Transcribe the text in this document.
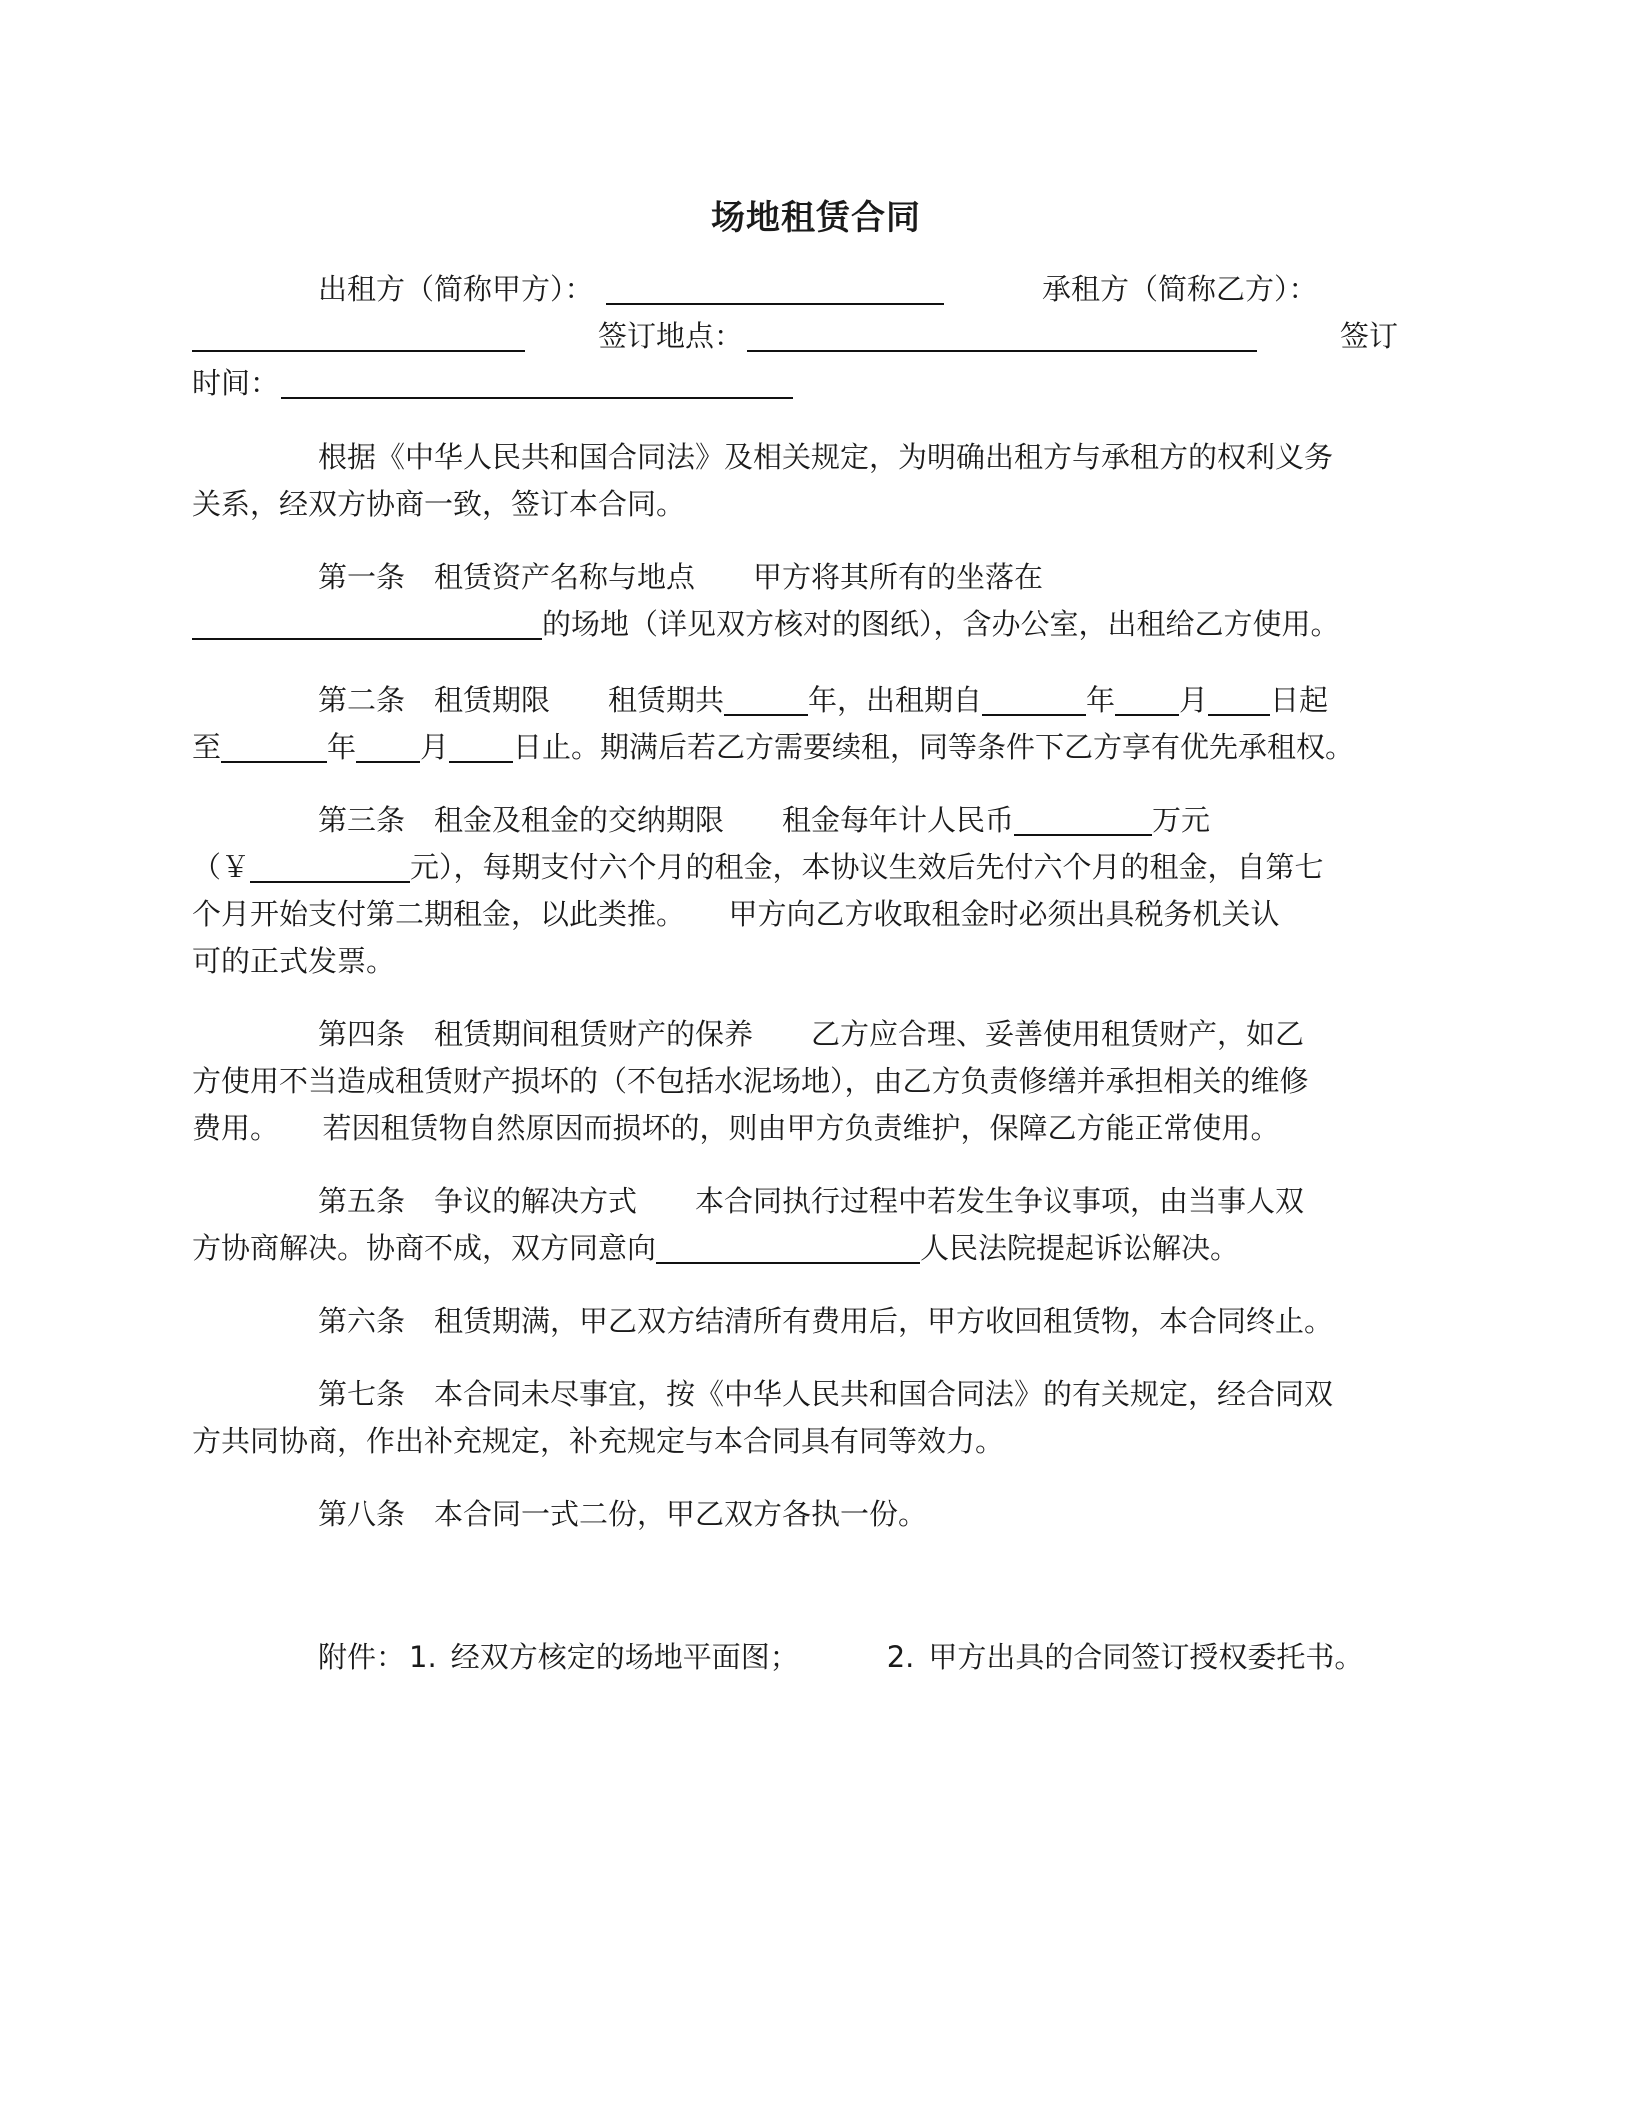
场地租赁合同
出租方（简称甲方）：	承租方（简称乙方）：
签订地点：	签订
时间：
根据《中华人民共和国合同法》及相关规定，为明确出租方与承租方的权利义务
关系，经双方协商一致，签订本合同。
第一条　租赁资产名称与地点　　甲方将其所有的坐落在
的场地（详见双方核对的图纸），含办公室，出租给乙方使用。
第二条　租赁期限　　租赁期共	年，出租期自	年 月 日起
至	年 月 日止。期满后若乙方需要续租，同等条件下乙方享有优先承租权。
第三条　租金及租金的交纳期限　　租金每年计人民币	万元
（￥	元），每期支付六个月的租金，本协议生效后先付六个月的租金，自第七
个月开始支付第二期租金，以此类推。　　甲方向乙方收取租金时必须出具税务机关认
可的正式发票。
第四条　租赁期间租赁财产的保养　　乙方应合理、妥善使用租赁财产，如乙
方使用不当造成租赁财产损坏的（不包括水泥场地），由乙方负责修缮并承担相关的维修
费用。　　若因租赁物自然原因而损坏的，则由甲方负责维护，保障乙方能正常使用。
第五条　争议的解决方式　　本合同执行过程中若发生争议事项，由当事人双
方协商解决。协商不成，双方同意向	人民法院提起诉讼解决。
第六条　租赁期满，甲乙双方结清所有费用后，甲方收回租赁物，本合同终止。
第七条　本合同未尽事宜，按《中华人民共和国合同法》的有关规定，经合同双
方共同协商，作出补充规定，补充规定与本合同具有同等效力。
第八条　本合同一式二份，甲乙双方各执一份。
附件： 1. 经双方核定的场地平面图；	2. 甲方出具的合同签订授权委托书。
